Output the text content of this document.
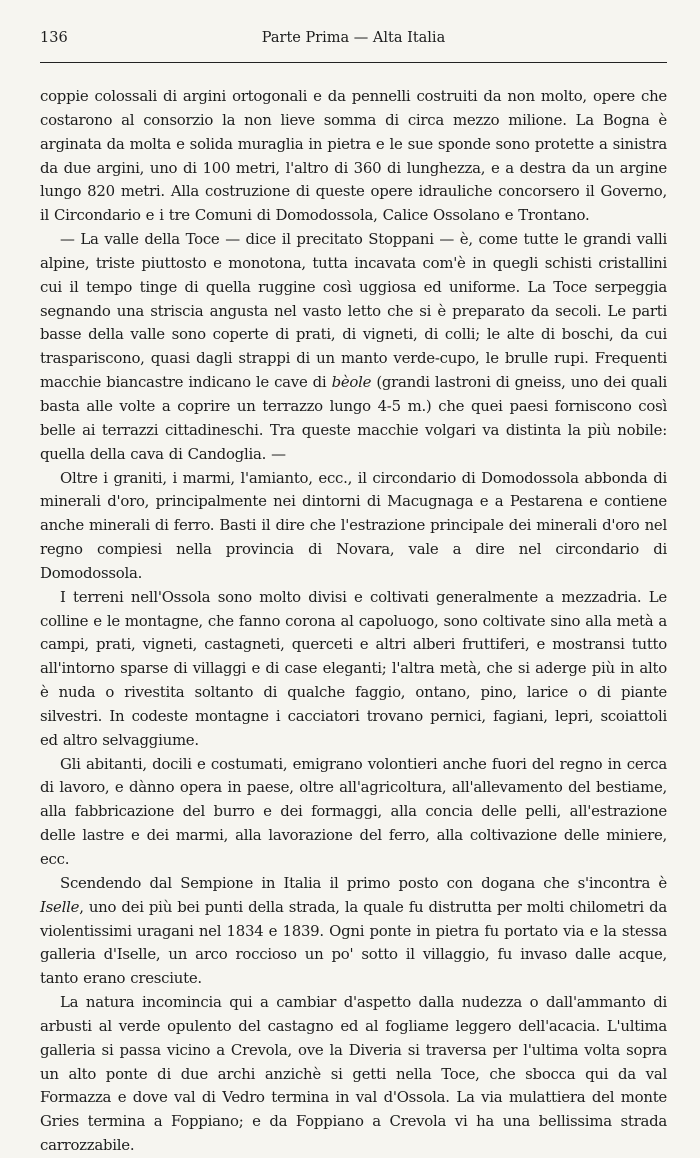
136	Parte Prima — Alta Italia

coppie colossali di argini ortogonali e da pennelli costruiti da non molto, opere che costarono al consorzio la non lieve somma di circa mezzo milione. La Bogna è arginata da molta e solida muraglia in pietra e le sue sponde sono protette a sinistra da due argini, uno di 100 metri, l'altro di 360 di lunghezza, e a destra da un argine lungo 820 metri. Alla costruzione di queste opere idrauliche concorsero il Governo, il Circondario e i tre Comuni di Domodossola, Calice Ossolano e Trontano.

— La valle della Toce — dice il precitato Stoppani — è, come tutte le grandi valli alpine, triste piuttosto e monotona, tutta incavata com'è in quegli schisti cristallini cui il tempo tinge di quella ruggine così uggiosa ed uniforme. La Toce serpeggia segnando una striscia angusta nel vasto letto che si è preparato da secoli. Le parti basse della valle sono coperte di prati, di vigneti, di colli; le alte di boschi, da cui traspariscono, quasi dagli strappi di un manto verde-cupo, le brulle rupi. Frequenti macchie biancastre indicano le cave di bèole (grandi lastroni di gneiss, uno dei quali basta alle volte a coprire un terrazzo lungo 4-5 m.) che quei paesi forniscono così belle ai terrazzi cittadineschi. Tra queste macchie volgari va distinta la più nobile: quella della cava di Candoglia. —

Oltre i graniti, i marmi, l'amianto, ecc., il circondario di Domodossola abbonda di minerali d'oro, principalmente nei dintorni di Macugnaga e a Pestarena e contiene anche minerali di ferro. Basti il dire che l'estrazione principale dei minerali d'oro nel regno compiesi nella provincia di Novara, vale a dire nel circondario di Domodossola.

I terreni nell'Ossola sono molto divisi e coltivati generalmente a mezzadria. Le colline e le montagne, che fanno corona al capoluogo, sono coltivate sino alla metà a campi, prati, vigneti, castagneti, querceti e altri alberi fruttiferi, e mostransi tutto all'intorno sparse di villaggi e di case eleganti; l'altra metà, che si aderge più in alto è nuda o rivestita soltanto di qualche faggio, ontano, pino, larice o di piante silvestri. In codeste montagne i cacciatori trovano pernici, fagiani, lepri, scoiattoli ed altro selvaggiume.

Gli abitanti, docili e costumati, emigrano volontieri anche fuori del regno in cerca di lavoro, e dànno opera in paese, oltre all'agricoltura, all'allevamento del bestiame, alla fabbricazione del burro e dei formaggi, alla concia delle pelli, all'estrazione delle lastre e dei marmi, alla lavorazione del ferro, alla coltivazione delle miniere, ecc.

Scendendo dal Sempione in Italia il primo posto con dogana che s'incontra è Iselle, uno dei più bei punti della strada, la quale fu distrutta per molti chilometri da violentissimi uragani nel 1834 e 1839. Ogni ponte in pietra fu portato via e la stessa galleria d'Iselle, un arco roccioso un po' sotto il villaggio, fu invaso dalle acque, tanto erano cresciute.

La natura incomincia qui a cambiar d'aspetto dalla nudezza o dall'ammanto di arbusti al verde opulento del castagno ed al fogliame leggero dell'acacia. L'ultima galleria si passa vicino a Crevola, ove la Diveria si traversa per l'ultima volta sopra un alto ponte di due archi anzichè si getti nella Toce, che sbocca qui da val Formazza e dove val di Vedro termina in val d'Ossola. La via mulattiera del monte Gries termina a Foppiano; e da Foppiano a Crevola vi ha una bellissima strada carrozzabile.
